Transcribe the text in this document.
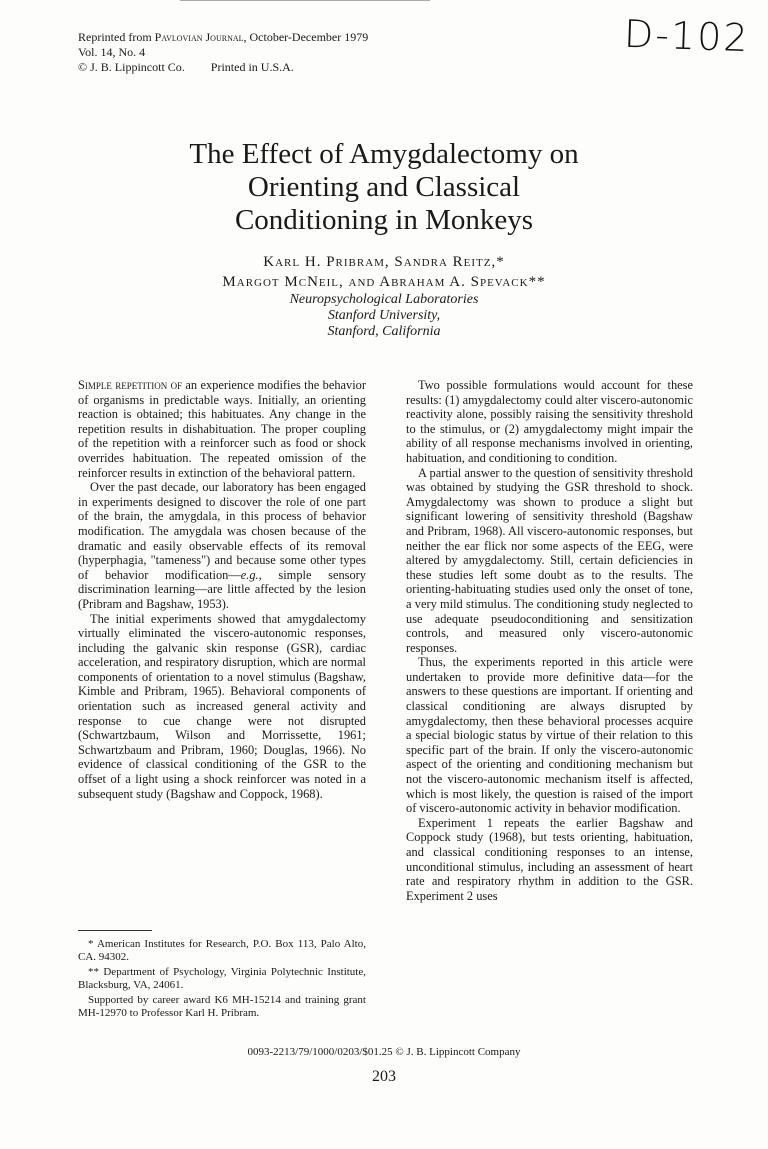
Reprinted from Pavlovian Journal, October-December 1979
Vol. 14, No. 4
© J. B. Lippincott Co. Printed in U.S.A.
D-102
The Effect of Amygdalectomy on
Orienting and Classical
Conditioning in Monkeys
Karl H. Pribram, Sandra Reitz,*
Margot McNeil, and Abraham A. Spevack**
Neuropsychological Laboratories
Stanford University,
Stanford, California

Simple repetition of an experience modifies the behavior of organisms in predictable ways. Initially, an orienting reaction is obtained; this habituates. Any change in the repetition results in dishabituation. The proper coupling of the repetition with a reinforcer such as food or shock overrides habituation. The repeated omission of the reinforcer results in extinction of the behavioral pattern.

Over the past decade, our laboratory has been engaged in experiments designed to discover the role of one part of the brain, the amygdala, in this process of behavior modification. The amygdala was chosen because of the dramatic and easily observable effects of its removal (hyperphagia, "tameness") and because some other types of behavior modification—e.g., simple sensory discrimination learning—are little affected by the lesion (Pribram and Bagshaw, 1953).

The initial experiments showed that amygdalectomy virtually eliminated the viscero-autonomic responses, including the galvanic skin response (GSR), cardiac acceleration, and respiratory disruption, which are normal components of orientation to a novel stimulus (Bagshaw, Kimble and Pribram, 1965). Behavioral components of orientation such as increased general activity and response to cue change were not disrupted (Schwartzbaum, Wilson and Morrissette, 1961; Schwartzbaum and Pribram, 1960; Douglas, 1966). No evidence of classical conditioning of the GSR to the offset of a light using a shock reinforcer was noted in a subsequent study (Bagshaw and Coppock, 1968).

Two possible formulations would account for these results: (1) amygdalectomy could alter viscero-autonomic reactivity alone, possibly raising the sensitivity threshold to the stimulus, or (2) amygdalectomy might impair the ability of all response mechanisms involved in orienting, habituation, and conditioning to condition.

A partial answer to the question of sensitivity threshold was obtained by studying the GSR threshold to shock. Amygdalectomy was shown to produce a slight but significant lowering of sensitivity threshold (Bagshaw and Pribram, 1968). All viscero-autonomic responses, but neither the ear flick nor some aspects of the EEG, were altered by amygdalectomy. Still, certain deficiencies in these studies left some doubt as to the results. The orienting-habituating studies used only the onset of tone, a very mild stimulus. The conditioning study neglected to use adequate pseudoconditioning and sensitization controls, and measured only viscero-autonomic responses.

Thus, the experiments reported in this article were undertaken to provide more definitive data—for the answers to these questions are important. If orienting and classical conditioning are always disrupted by amygdalectomy, then these behavioral processes acquire a special biologic status by virtue of their relation to this specific part of the brain. If only the viscero-autonomic aspect of the orienting and conditioning mechanism but not the viscero-autonomic mechanism itself is affected, which is most likely, the question is raised of the import of viscero-autonomic activity in behavior modification.

Experiment 1 repeats the earlier Bagshaw and Coppock study (1968), but tests orienting, habituation, and classical conditioning responses to an intense, unconditional stimulus, including an assessment of heart rate and respiratory rhythm in addition to the GSR. Experiment 2 uses

* American Institutes for Research, P.O. Box 113, Palo Alto, CA. 94302.

** Department of Psychology, Virginia Polytechnic Institute, Blacksburg, VA, 24061.

Supported by career award K6 MH-15214 and training grant MH-12970 to Professor Karl H. Pribram.

0093-2213/79/1000/0203/$01.25 © J. B. Lippincott Company
203
